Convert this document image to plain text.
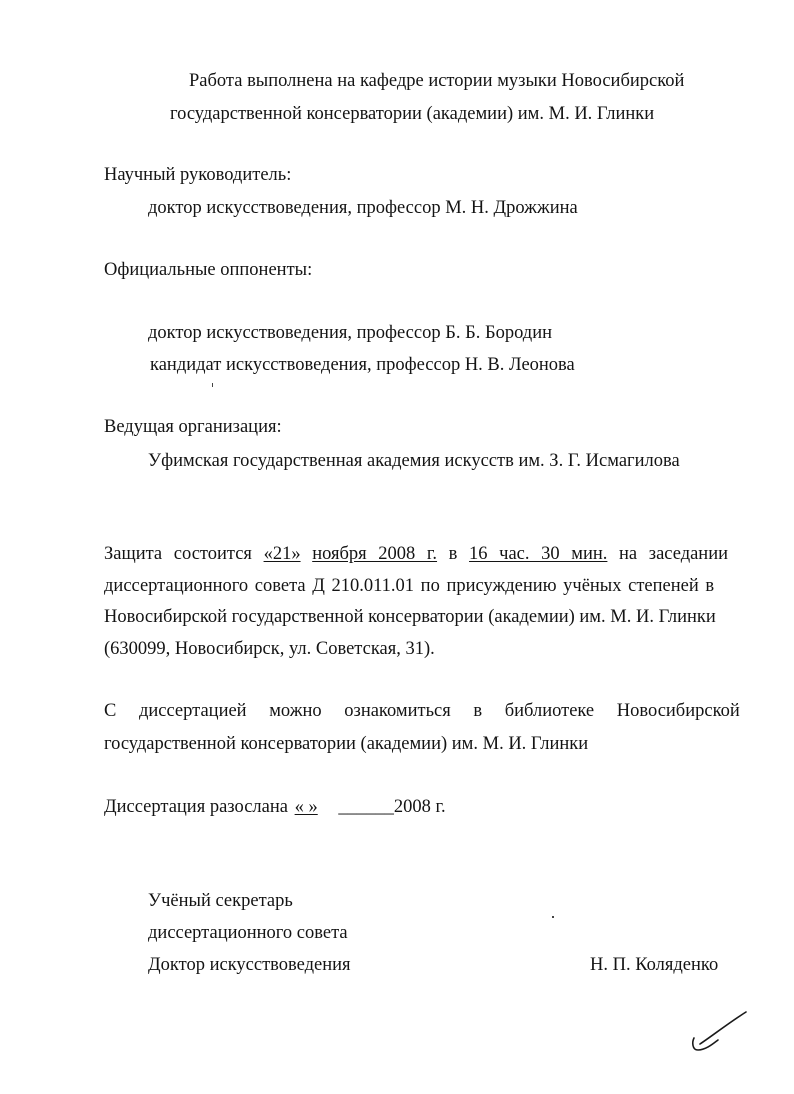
Работа выполнена на кафедре истории музыки Новосибирской
государственной консерватории (академии) им. М. И. Глинки
Научный руководитель:
доктор искусствоведения, профессор М. Н. Дрожжина
Официальные оппоненты:
доктор искусствоведения, профессор Б. Б. Бородин
кандидат искусствоведения, профессор Н. В. Леонова
Ведущая организация:
Уфимская государственная академия искусств им. З. Г. Исмагилова
Защита состоится «21» ноября 2008 г. в 16 час. 30 мин. на заседании
диссертационного совета Д 210.011.01 по присуждению учёных степеней в
Новосибирской государственной консерватории (академии) им. М. И. Глинки
(630099, Новосибирск, ул. Советская, 31).
С диссертацией можно ознакомиться в библиотеке Новосибирской
государственной консерватории (академии) им. М. И. Глинки
Диссертация разослана « » ______2008 г.
Учёный секретарь
диссертационного совета
Доктор искусствоведения	Н. П. Коляденко
